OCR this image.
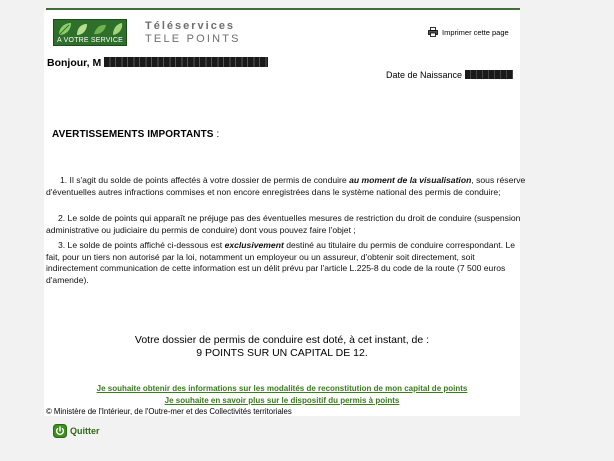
A VOTRE SERVICE
Téléservices
TELE POINTS
Imprimer cette page
Bonjour, M
Date de Naissance
AVERTISSEMENTS IMPORTANTS :
1. Il s'agit du solde de points affectés à votre dossier de permis de conduire au moment de la visualisation, sous réserve d'éventuelles autres infractions commises et non encore enregistrées dans le système national des permis de conduire;
2. Le solde de points qui apparaît ne préjuge pas des éventuelles mesures de restriction du droit de conduire (suspension administrative ou judiciaire du permis de conduire) dont vous pouvez faire l'objet ;
3. Le solde de points affiché ci-dessous est exclusivement destiné au titulaire du permis de conduire correspondant. Le fait, pour un tiers non autorisé par la loi, notamment un employeur ou un assureur, d'obtenir soit directement, soit indirectement communication de cette information est un délit prévu par l'article L.225-8 du code de la route (7 500 euros d'amende).
Votre dossier de permis de conduire est doté, à cet instant, de :
9 POINTS SUR UN CAPITAL DE 12.
Je souhaite obtenir des informations sur les modalités de reconstitution de mon capital de points
Je souhaite en savoir plus sur le dispositif du permis à points
© Ministère de l'Intérieur, de l'Outre-mer et des Collectivités territoriales
Quitter
